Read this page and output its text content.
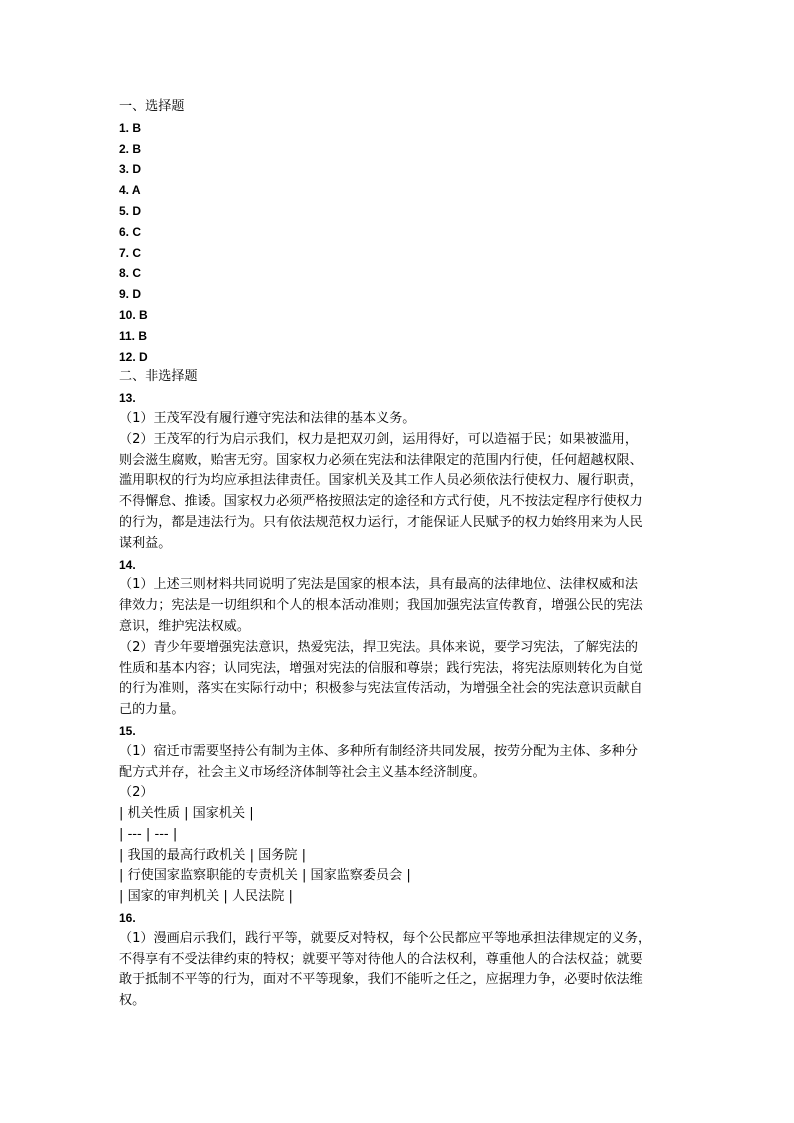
一、选择题
1. B
2. B
3. D
4. A
5. D
6. C
7. C
8. C
9. D
10. B
11. B
12. D
二、非选择题
13.
（1）王茂军没有履行遵守宪法和法律的基本义务。
（2）王茂军的行为启示我们，权力是把双刃剑，运用得好，可以造福于民；如果被滥用，
则会滋生腐败，贻害无穷。国家权力必须在宪法和法律限定的范围内行使，任何超越权限、
滥用职权的行为均应承担法律责任。国家机关及其工作人员必须依法行使权力、履行职责，
不得懈怠、推诿。国家权力必须严格按照法定的途径和方式行使，凡不按法定程序行使权力
的行为，都是违法行为。只有依法规范权力运行，才能保证人民赋予的权力始终用来为人民
谋利益。
14.
（1）上述三则材料共同说明了宪法是国家的根本法，具有最高的法律地位、法律权威和法
律效力；宪法是一切组织和个人的根本活动准则；我国加强宪法宣传教育，增强公民的宪法
意识，维护宪法权威。
（2）青少年要增强宪法意识，热爱宪法，捍卫宪法。具体来说，要学习宪法，了解宪法的
性质和基本内容；认同宪法，增强对宪法的信服和尊崇；践行宪法，将宪法原则转化为自觉
的行为准则，落实在实际行动中；积极参与宪法宣传活动，为增强全社会的宪法意识贡献自
己的力量。
15.
（1）宿迁市需要坚持公有制为主体、多种所有制经济共同发展，按劳分配为主体、多种分
配方式并存，社会主义市场经济体制等社会主义基本经济制度。
（2）
| 机关性质 | 国家机关 |
| --- | --- |
| 我国的最高行政机关 | 国务院 |
| 行使国家监察职能的专责机关 | 国家监察委员会 |
| 国家的审判机关 | 人民法院 |
16.
（1）漫画启示我们，践行平等，就要反对特权，每个公民都应平等地承担法律规定的义务，
不得享有不受法律约束的特权；就要平等对待他人的合法权利，尊重他人的合法权益；就要
敢于抵制不平等的行为，面对不平等现象，我们不能听之任之，应据理力争，必要时依法维
权。
